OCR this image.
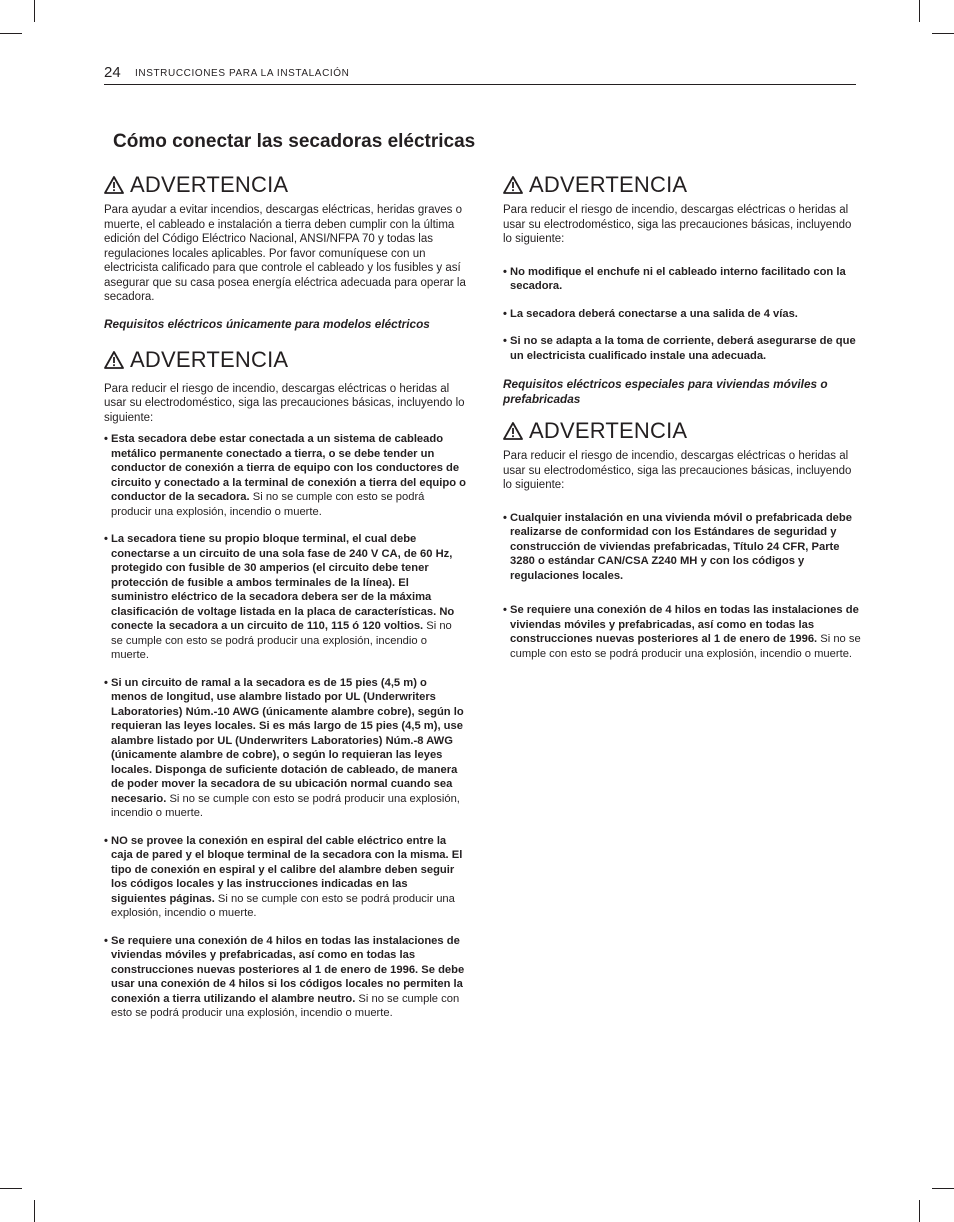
24 INSTRUCCIONES PARA LA INSTALACIÓN
Cómo conectar las secadoras eléctricas
ADVERTENCIA

Para ayudar a evitar incendios, descargas eléctricas, heridas graves o muerte, el cableado e instalación a tierra deben cumplir con la última edición del Código Eléctrico Nacional, ANSI/NFPA 70 y todas las regulaciones locales aplicables. Por favor comuníquese con un electricista calificado para que controle el cableado y los fusibles y así asegurar que su casa posea energía eléctrica adecuada para operar la secadora.

Requisitos eléctricos únicamente para modelos eléctricos

ADVERTENCIA

Para reducir el riesgo de incendio, descargas eléctricas o heridas al usar su electrodoméstico, siga las precauciones básicas, incluyendo lo siguiente:

• Esta secadora debe estar conectada a un sistema de cableado metálico permanente conectado a tierra, o se debe tender un conductor de conexión a tierra de equipo con los conductores de circuito y conectado a la terminal de conexión a tierra del equipo o conductor de la secadora. Si no se cumple con esto se podrá producir una explosión, incendio o muerte.
• La secadora tiene su propio bloque terminal, el cual debe conectarse a un circuito de una sola fase de 240 V CA, de 60 Hz, protegido con fusible de 30 amperios (el circuito debe tener protección de fusible a ambos terminales de la línea). El suministro eléctrico de la secadora debera ser de la máxima clasificación de voltage listada en la placa de características. No conecte la secadora a un circuito de 110, 115 ó 120 voltios. Si no se cumple con esto se podrá producir una explosión, incendio o muerte.
• Si un circuito de ramal a la secadora es de 15 pies (4,5 m) o menos de longitud, use alambre listado por UL (Underwriters Laboratories) Núm.-10 AWG (únicamente alambre cobre), según lo requieran las leyes locales. Si es más largo de 15 pies (4,5 m), use alambre listado por UL (Underwriters Laboratories) Núm.-8 AWG (únicamente alambre de cobre), o según lo requieran las leyes locales. Disponga de suficiente dotación de cableado, de manera de poder mover la secadora de su ubicación normal cuando sea necesario. Si no se cumple con esto se podrá producir una explosión, incendio o muerte.
• NO se provee la conexión en espiral del cable eléctrico entre la caja de pared y el bloque terminal de la secadora con la misma. El tipo de conexión en espiral y el calibre del alambre deben seguir los códigos locales y las instrucciones indicadas en las siguientes páginas. Si no se cumple con esto se podrá producir una explosión, incendio o muerte.
• Se requiere una conexión de 4 hilos en todas las instalaciones de viviendas móviles y prefabricadas, así como en todas las construcciones nuevas posteriores al 1 de enero de 1996. Se debe usar una conexión de 4 hilos si los códigos locales no permiten la conexión a tierra utilizando el alambre neutro. Si no se cumple con esto se podrá producir una explosión, incendio o muerte.
ADVERTENCIA

Para reducir el riesgo de incendio, descargas eléctricas o heridas al usar su electrodoméstico, siga las precauciones básicas, incluyendo lo siguiente:

• No modifique el enchufe ni el cableado interno facilitado con la secadora.
• La secadora deberá conectarse a una salida de 4 vías.
• Si no se adapta a la toma de corriente, deberá asegurarse de que un electricista cualificado instale una adecuada.

Requisitos eléctricos especiales para viviendas móviles o prefabricadas

ADVERTENCIA

Para reducir el riesgo de incendio, descargas eléctricas o heridas al usar su electrodoméstico, siga las precauciones básicas, incluyendo lo siguiente:

• Cualquier instalación en una vivienda móvil o prefabricada debe realizarse de conformidad con los Estándares de seguridad y construcción de viviendas prefabricadas, Título 24 CFR, Parte 3280 o estándar CAN/CSA Z240 MH y con los códigos y regulaciones locales.
• Se requiere una conexión de 4 hilos en todas las instalaciones de viviendas móviles y prefabricadas, así como en todas las construcciones nuevas posteriores al 1 de enero de 1996. Si no se cumple con esto se podrá producir una explosión, incendio o muerte.
